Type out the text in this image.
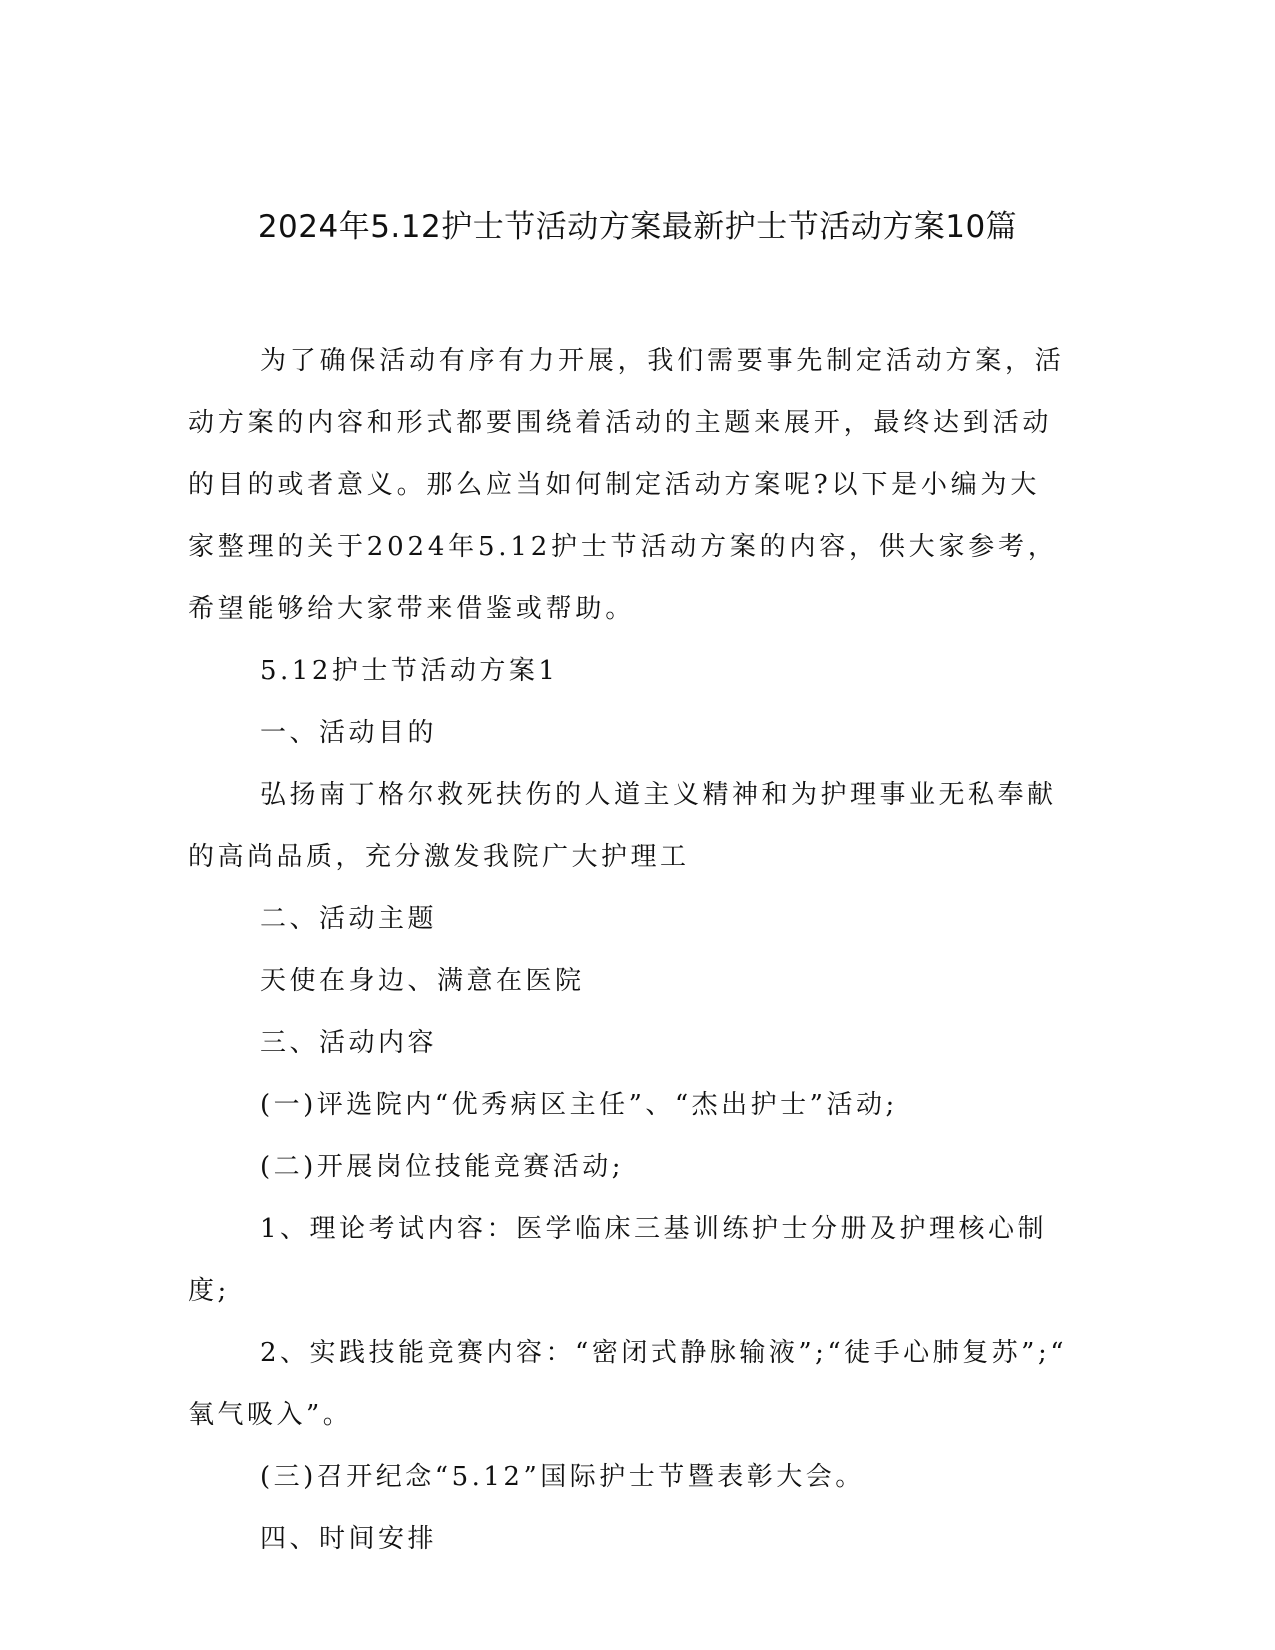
2024年5.12护士节活动方案最新护士节活动方案10篇

为了确保活动有序有力开展，我们需要事先制定活动方案，活动方案的内容和形式都要围绕着活动的主题来展开，最终达到活动的目的或者意义。那么应当如何制定活动方案呢?以下是小编为大家整理的关于2024年5.12护士节活动方案的内容，供大家参考，希望能够给大家带来借鉴或帮助。

5.12护士节活动方案1

一、活动目的

弘扬南丁格尔救死扶伤的人道主义精神和为护理事业无私奉献的高尚品质，充分激发我院广大护理工

二、活动主题

天使在身边、满意在医院

三、活动内容

(一)评选院内“优秀病区主任”、“杰出护士”活动;

(二)开展岗位技能竞赛活动;

1、理论考试内容：医学临床三基训练护士分册及护理核心制度;

2、实践技能竞赛内容：“密闭式静脉输液”;“徒手心肺复苏”;“ 氧气吸入”。

(三)召开纪念“5.12”国际护士节暨表彰大会。

四、时间安排
